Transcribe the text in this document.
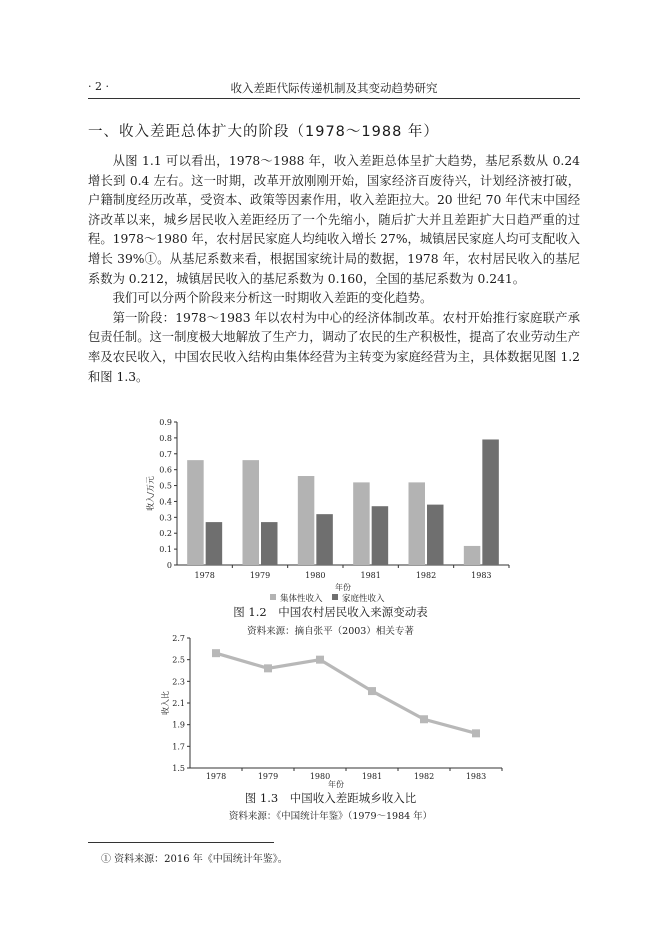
· 2 ·	收入差距代际传递机制及其变动趋势研究
一、收入差距总体扩大的阶段（1978～1988 年）

从图 1.1 可以看出，1978～1988 年，收入差距总体呈扩大趋势，基尼系数从 0.24 增长到 0.4 左右。这一时期，改革开放刚刚开始，国家经济百废待兴，计划经济被打破，户籍制度经历改革，受资本、政策等因素作用，收入差距拉大。20 世纪 70 年代末中国经济改革以来，城乡居民收入差距经历了一个先缩小，随后扩大并且差距扩大日趋严重的过程。1978～1980 年，农村居民家庭人均纯收入增长 27%，城镇居民家庭人均可支配收入增长 39%①。从基尼系数来看，根据国家统计局的数据，1978 年，农村居民收入的基尼系数为 0.212，城镇居民收入的基尼系数为 0.160，全国的基尼系数为 0.241。

我们可以分两个阶段来分析这一时期收入差距的变化趋势。

第一阶段：1978～1983 年以农村为中心的经济体制改革。农村开始推行家庭联产承包责任制。这一制度极大地解放了生产力，调动了农民的生产积极性，提高了农业劳动生产率及农民收入，中国农民收入结构由集体经营为主转变为家庭经营为主，具体数据见图 1.2 和图 1.3。

0
0.1
0.2
0.3
0.4
0.5
0.6
0.7
0.8
0.9
1978	1979	1980	1981	1982	1983
年份
收入/万元
集体性收入 家庭性收入
图 1.2　中国农村居民收入来源变动表
资料来源：摘自张平（2003）相关专著
1.5
1.7
1.9
2.1
2.3
2.5
2.7
1978	1979	1980	1981	1982	1983
年份
收入比
图 1.3　中国收入差距城乡收入比
资料来源：《中国统计年鉴》（1979～1984 年）
① 资料来源：2016 年《中国统计年鉴》。
